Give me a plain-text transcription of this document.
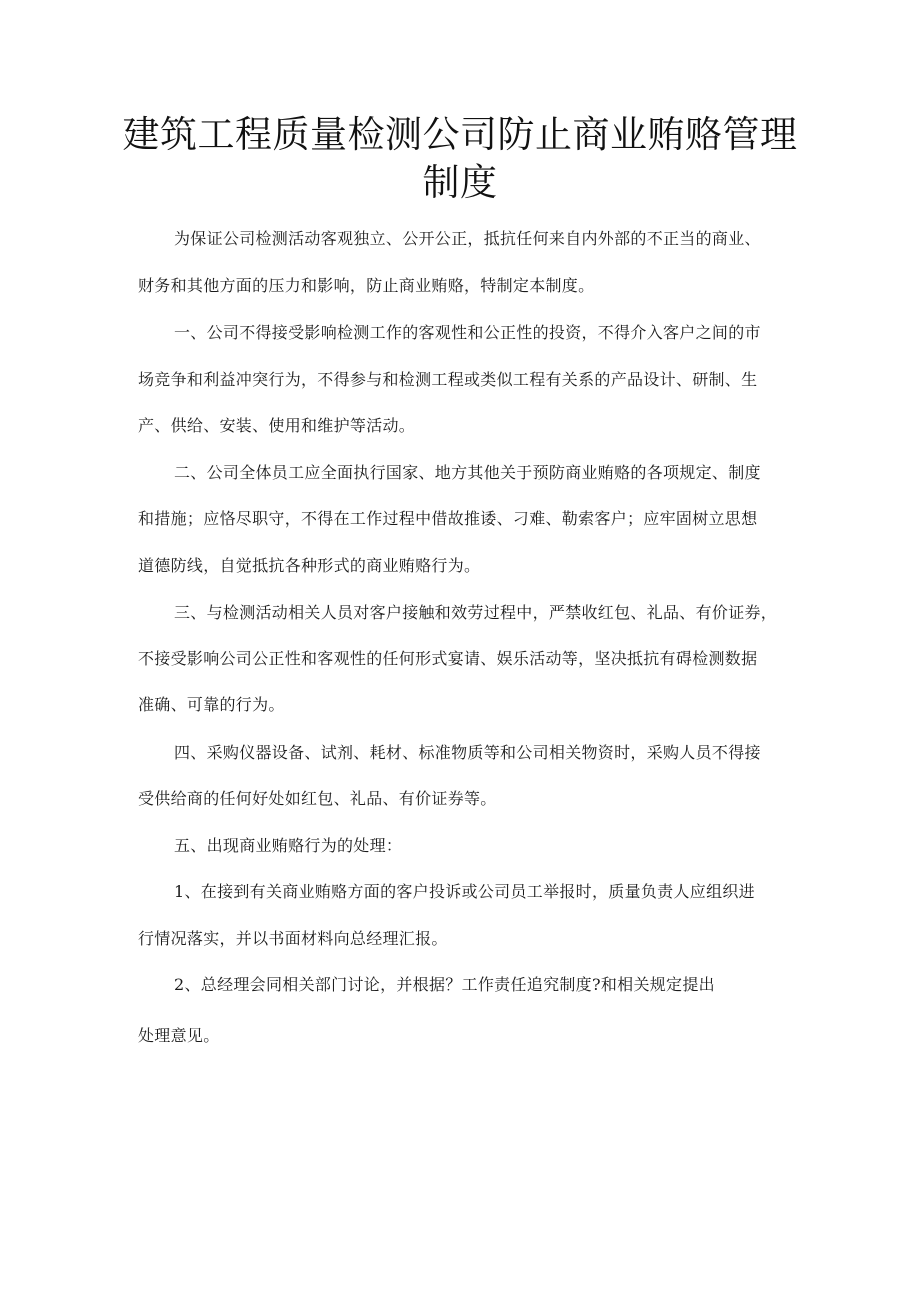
建筑工程质量检测公司防止商业贿赂管理
制度
为保证公司检测活动客观独立、公开公正，抵抗任何来自内外部的不正当的商业、
财务和其他方面的压力和影响，防止商业贿赂，特制定本制度。
一、公司不得接受影响检测工作的客观性和公正性的投资，不得介入客户之间的市
场竞争和利益冲突行为，不得参与和检测工程或类似工程有关系的产品设计、研制、生
产、供给、安装、使用和维护等活动。
二、公司全体员工应全面执行国家、地方其他关于预防商业贿赂的各项规定、制度
和措施；应恪尽职守，不得在工作过程中借故推诿、刁难、勒索客户；应牢固树立思想
道德防线，自觉抵抗各种形式的商业贿赂行为。
三、与检测活动相关人员对客户接触和效劳过程中，严禁收红包、礼品、有价证券，
不接受影响公司公正性和客观性的任何形式宴请、娱乐活动等，坚决抵抗有碍检测数据
准确、可靠的行为。
四、采购仪器设备、试剂、耗材、标准物质等和公司相关物资时，采购人员不得接
受供给商的任何好处如红包、礼品、有价证券等。
五、出现商业贿赂行为的处理：
1、在接到有关商业贿赂方面的客户投诉或公司员工举报时，质量负责人应组织进
行情况落实，并以书面材料向总经理汇报。
2、总经理会同相关部门讨论，并根据？工作责任追究制度?和相关规定提出
处理意见。
